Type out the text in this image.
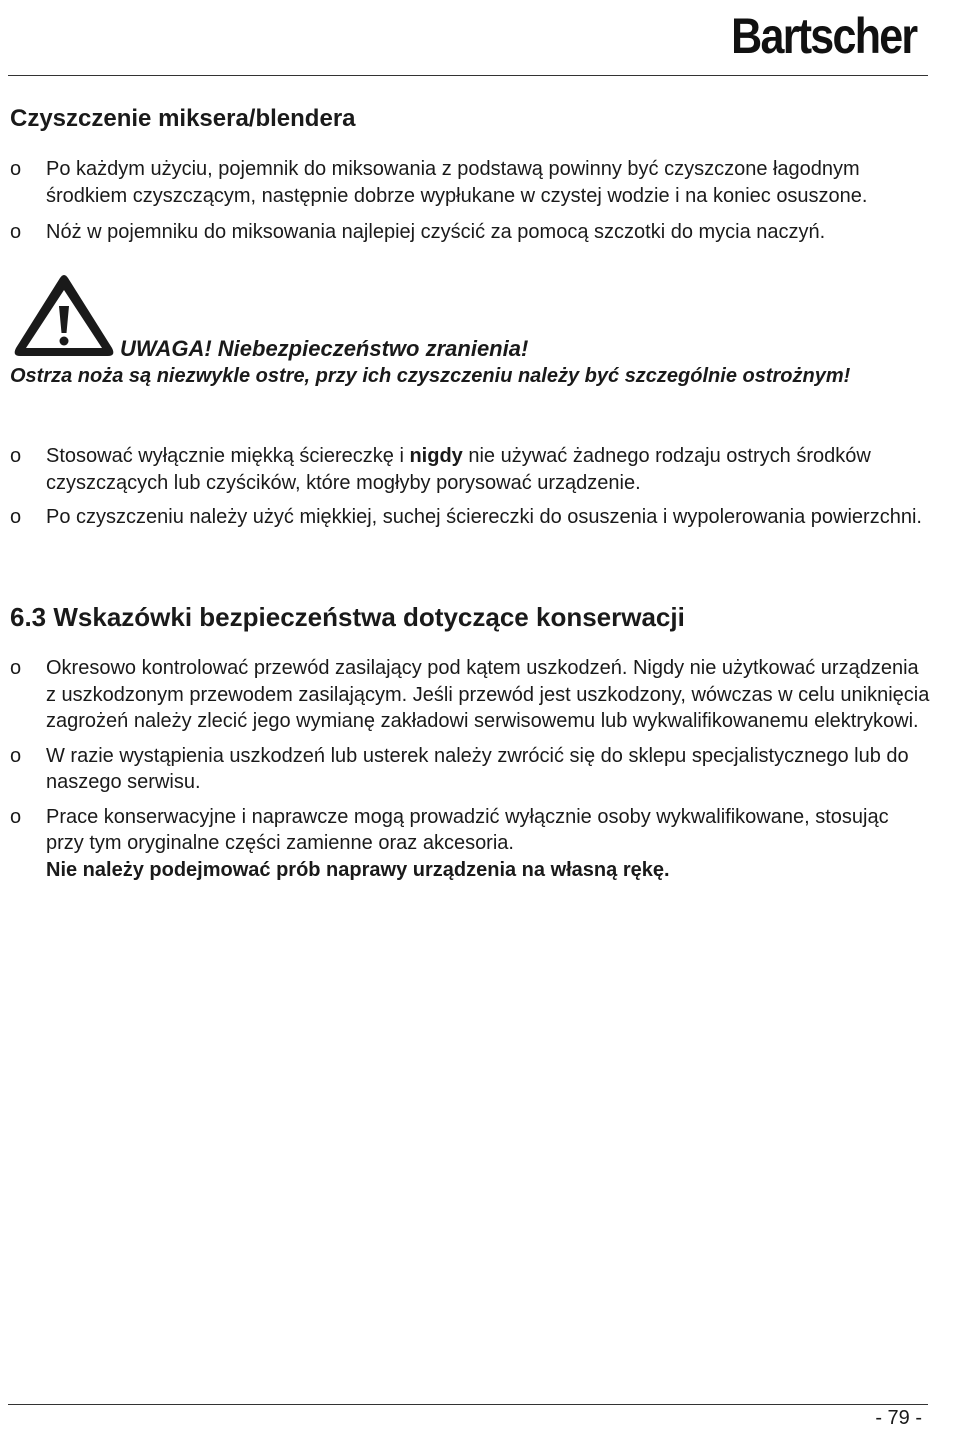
Bartscher
Czyszczenie miksera/blendera
o Po każdym użyciu, pojemnik do miksowania z podstawą powinny być czyszczone łagodnym środkiem czyszczącym, następnie dobrze wypłukane w czystej wodzie i na koniec osuszone.
o Nóż w pojemniku do miksowania najlepiej czyścić za pomocą szczotki do mycia naczyń.
UWAGA! Niebezpieczeństwo zranienia!
Ostrza noża są niezwykle ostre, przy ich czyszczeniu należy być szczególnie ostrożnym!
o Stosować wyłącznie miękką ściereczkę i nigdy nie używać żadnego rodzaju ostrych środków czyszczących lub czyścików, które mogłyby porysować urządzenie.
o Po czyszczeniu należy użyć miękkiej, suchej ściereczki do osuszenia i wypolerowania powierzchni.
6.3 Wskazówki bezpieczeństwa dotyczące konserwacji
o Okresowo kontrolować przewód zasilający pod kątem uszkodzeń. Nigdy nie użytkować urządzenia z uszkodzonym przewodem zasilającym. Jeśli przewód jest uszkodzony, wówczas w celu uniknięcia zagrożeń należy zlecić jego wymianę zakładowi serwisowemu lub wykwalifikowanemu elektrykowi.
o W razie wystąpienia uszkodzeń lub usterek należy zwrócić się do sklepu specjalistycznego lub do naszego serwisu.
o Prace konserwacyjne i naprawcze mogą prowadzić wyłącznie osoby wykwalifikowane, stosując przy tym oryginalne części zamienne oraz akcesoria.
Nie należy podejmować prób naprawy urządzenia na własną rękę.
- 79 -
